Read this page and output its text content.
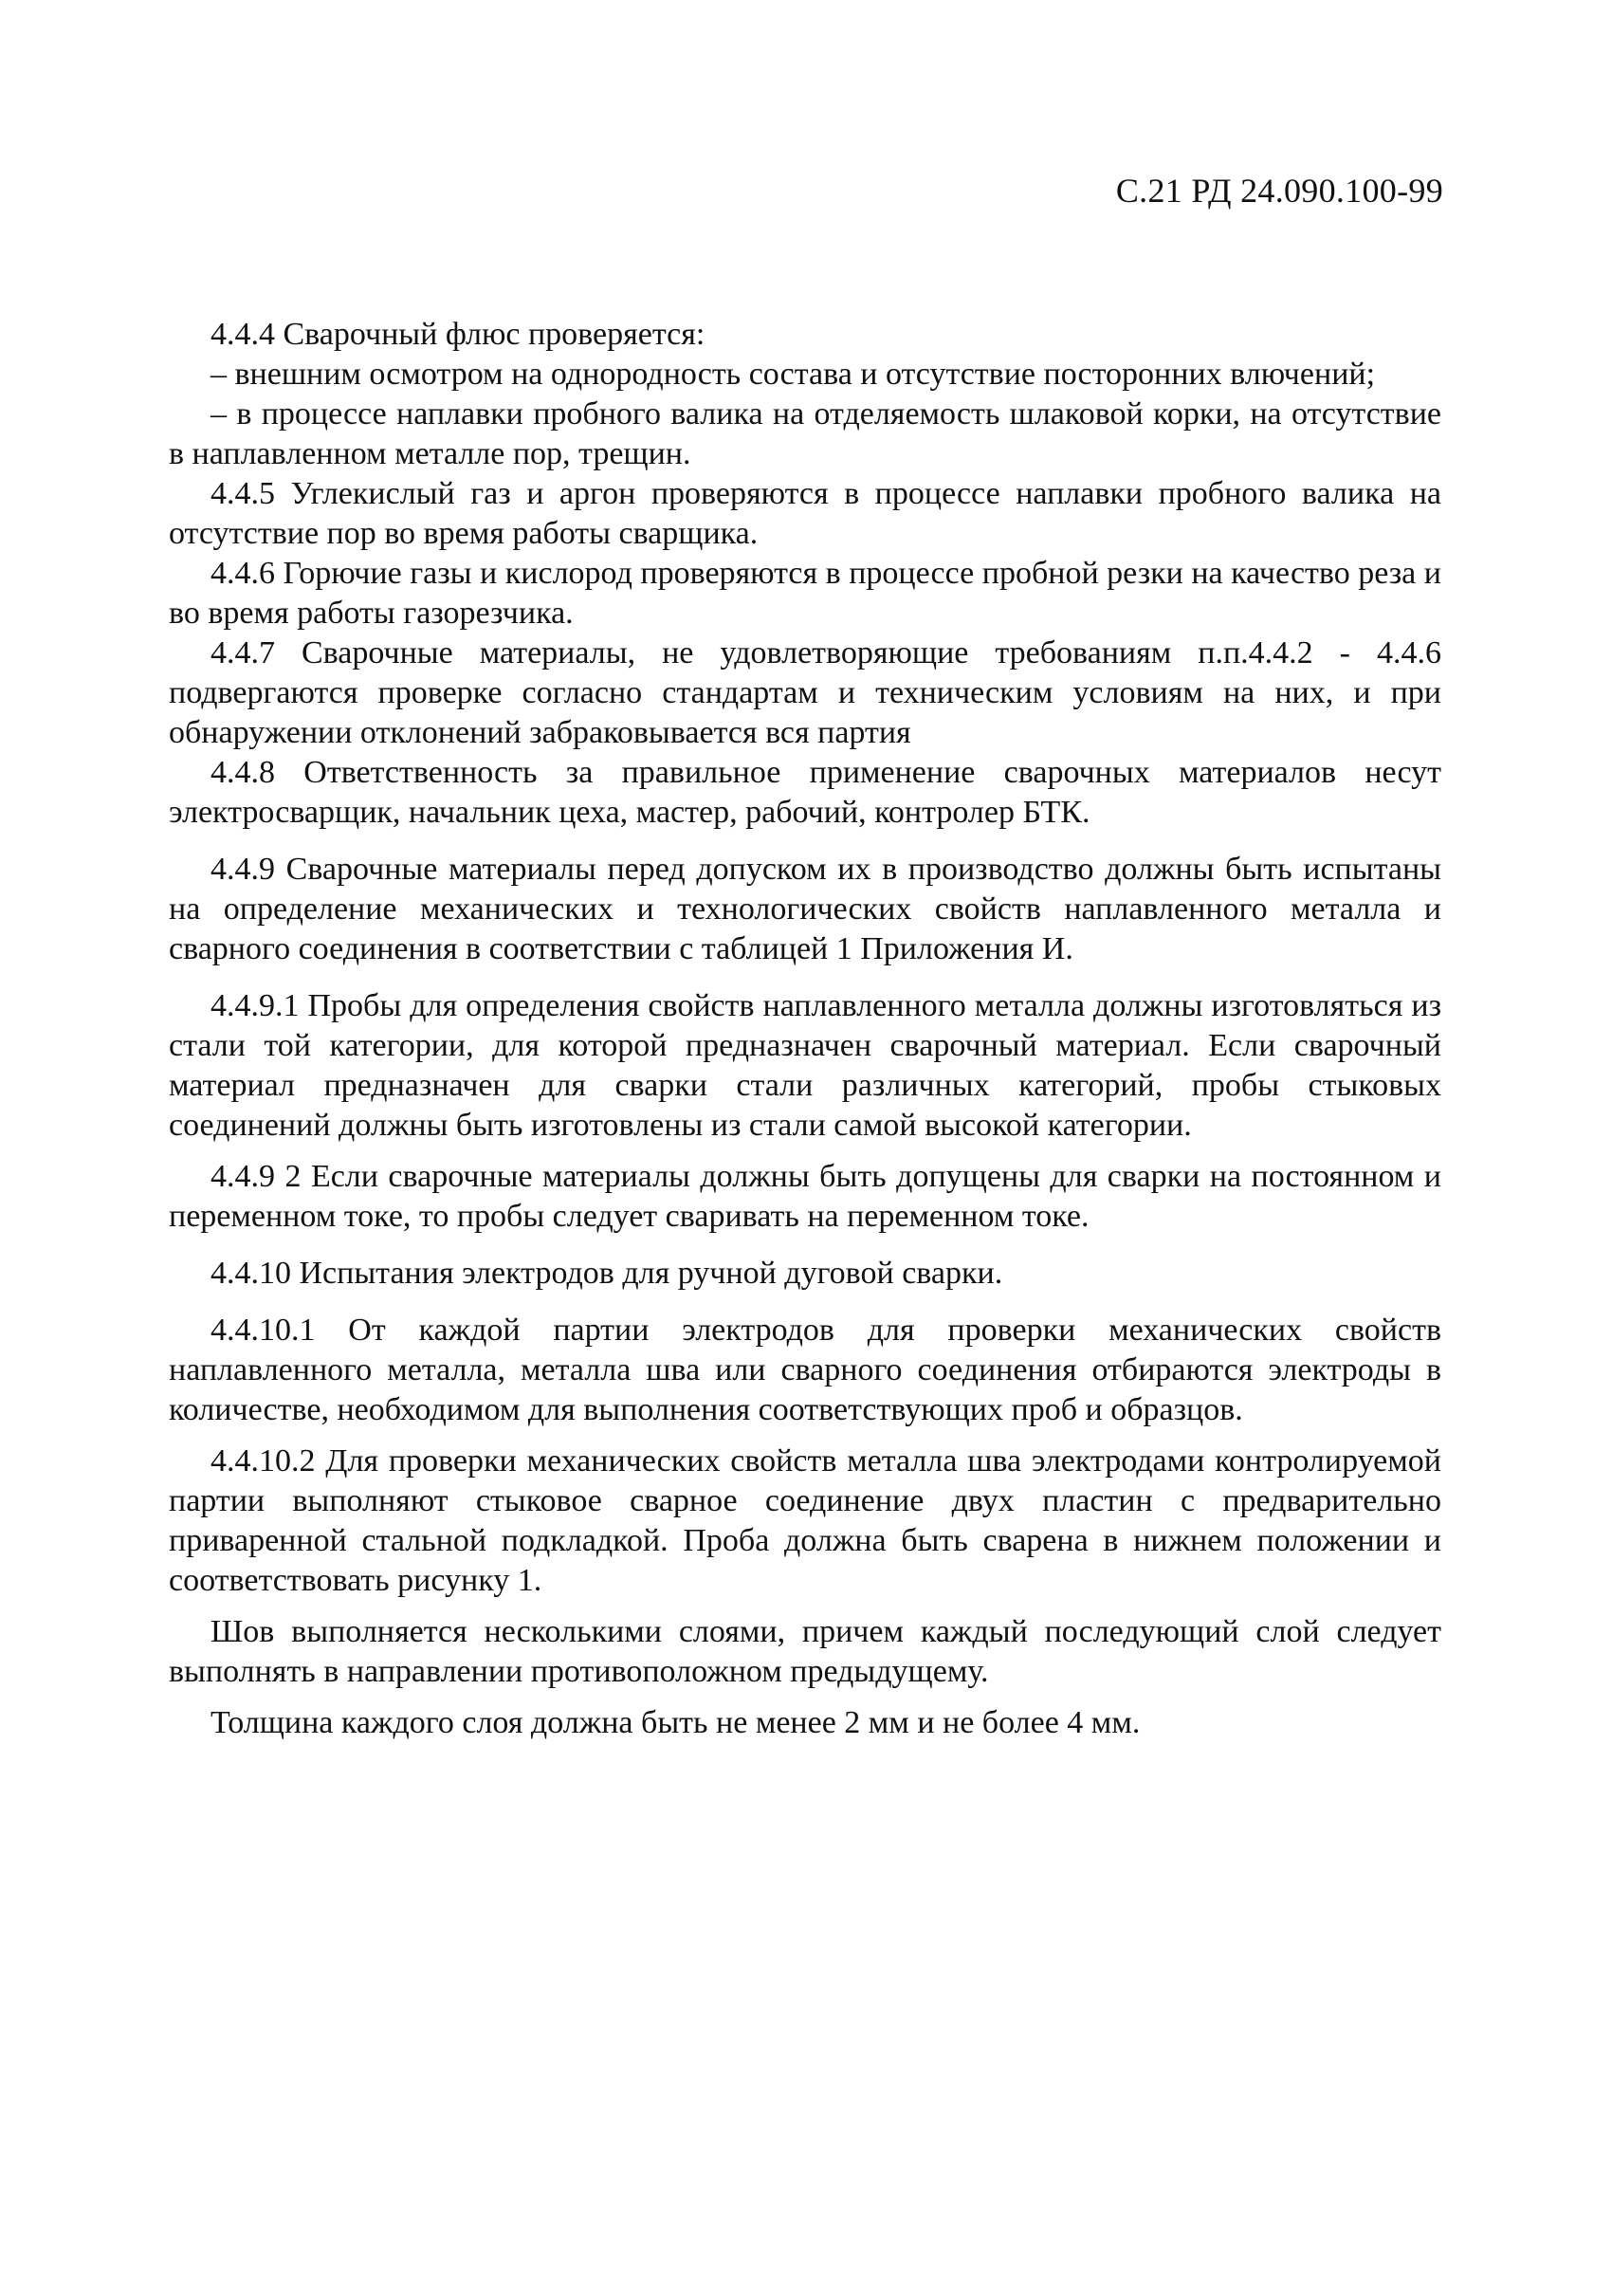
С.21 РД 24.090.100-99

4.4.4 Сварочный флюс проверяется:

– внешним осмотром на однородность состава и отсутствие посторонних влючений;

– в процессе наплавки пробного валика на отделяемость шлаковой корки, на отсутствие в наплавленном металле пор, трещин.

4.4.5 Углекислый газ и аргон проверяются в процессе наплавки пробного валика на отсутствие пор во время работы сварщика.

4.4.6 Горючие газы и кислород проверяются в процессе пробной резки на качество реза и во время работы газорезчика.

4.4.7 Сварочные материалы, не удовлетворяющие требованиям п.п.4.4.2 - 4.4.6 подвергаются проверке согласно стандартам и техническим условиям на них, и при обнаружении отклонений забраковывается вся партия

4.4.8 Ответственность за правильное применение сварочных материалов несут электросварщик, начальник цеха, мастер, рабочий, контролер БТК.

4.4.9 Сварочные материалы перед допуском их в производство должны быть испытаны на определение механических и технологических свойств наплавленного металла и сварного соединения в соответствии с таблицей 1 Приложения И.

4.4.9.1 Пробы для определения свойств наплавленного металла должны изготовляться из стали той категории, для которой предназначен сварочный материал. Если сварочный материал предназначен для сварки стали различных категорий, пробы стыковых соединений должны быть изготовлены из стали самой высокой категории.

4.4.9 2 Если сварочные материалы должны быть допущены для сварки на постоянном и переменном токе, то пробы следует сваривать на переменном токе.

4.4.10 Испытания электродов для ручной дуговой сварки.

4.4.10.1 От каждой партии электродов для проверки механических свойств наплавленного металла, металла шва или сварного соединения отбираются электроды в количестве, необходимом для выполнения соответствующих проб и образцов.

4.4.10.2 Для проверки механических свойств металла шва электродами контролируемой партии выполняют стыковое сварное соединение двух пластин с предварительно приваренной стальной подкладкой. Проба должна быть сварена в нижнем положении и соответствовать рисунку 1.

Шов выполняется несколькими слоями, причем каждый последующий слой следует выполнять в направлении противоположном предыдущему.

Толщина каждого слоя должна быть не менее 2 мм и не более 4 мм.
